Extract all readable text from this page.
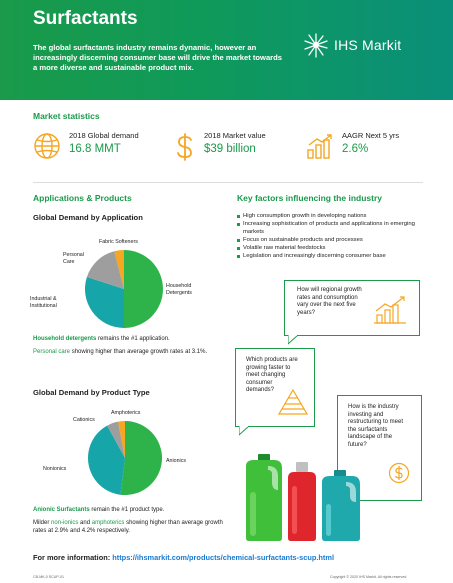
Surfactants
The global surfactants industry remains dynamic, however an increasingly discerning consumer base will drive the market towards a more diverse and sustainable product mix.
IHS Markit
Market statistics
2018 Global demand
16.8 MMT
2018 Market value
$39 billion
AAGR Next 5 yrs
2.6%
Applications & Products
Global Demand by Application
Fabric Softeners
Personal
Care
Industrial &
Institutional
Household
Detergents
Household detergents remains the #1 application.
Personal care showing higher than average growth rates at 3.1%.
Global Demand by Product Type
Amphoterics
Cationics
Nonionics
Anionics
Anionic Surfactants remain the #1 product type.
Milder non-ionics and amphoterics showing higher than average growth rates at 2.9% and 4.2% respectively.
Key factors influencing the industry
High consumption growth in developing nations
Increasing sophistication of products and applications in emerging markets
Focus on sustainable products and processes
Volatile raw material feedstocks
Legislation and increasingly discerning consumer base
How will regional growth rates and consumption vary over the next five years?
Which products are growing faster to meet changing consumer demands?
How is the industry investing and restructuring to meet the surfactants landscape of the future?
For more information: https://ihsmarkit.com/products/chemical-surfactants-scup.html
CB-MK-0 SCUP-01	Copyright © 2020 IHS Markit. All rights reserved
